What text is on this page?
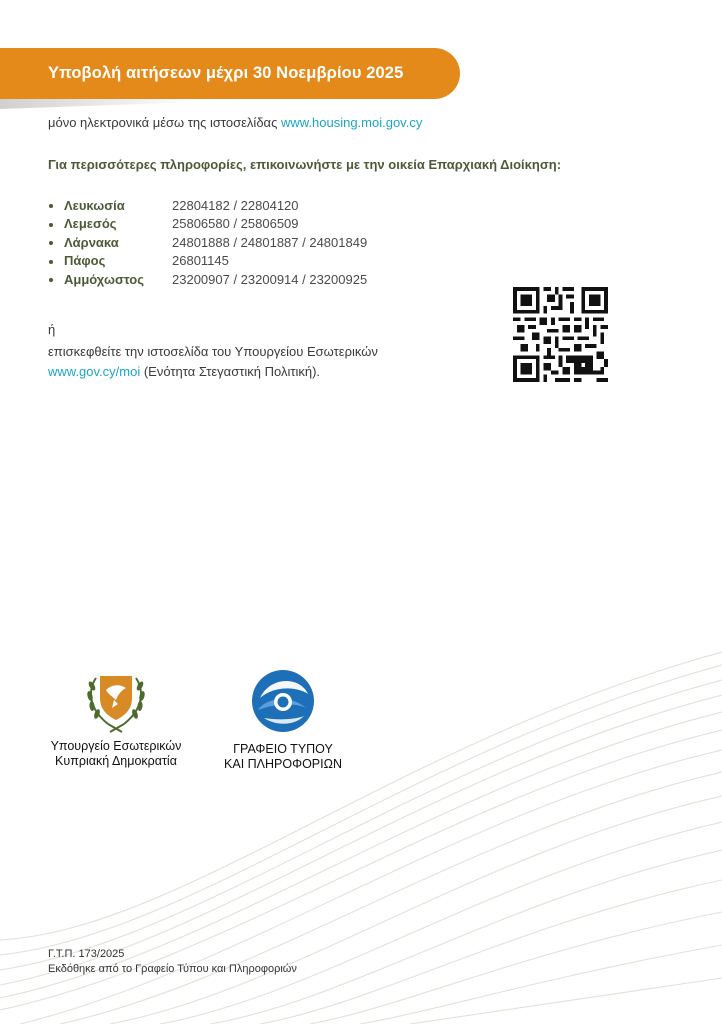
Υποβολή αιτήσεων μέχρι 30 Νοεμβρίου 2025
μόνο ηλεκτρονικά μέσω της ιστοσελίδας www.housing.moi.gov.cy
Για περισσότερες πληροφορίες, επικοινωνήστε με την οικεία Επαρχιακή Διοίκηση:
Λευκωσία	22804182 / 22804120
Λεμεσός	25806580 / 25806509
Λάρνακα	24801888 / 24801887 / 24801849
Πάφος	26801145
Αμμόχωστος	23200907 / 23200914 / 23200925
ή
επισκεφθείτε την ιστοσελίδα του Υπουργείου Εσωτερικών
www.gov.cy/moi (Ενότητα Στεγαστική Πολιτική).
Υπουργείο Εσωτερικών
Κυπριακή Δημοκρατία
ΓΡΑΦΕΙΟ ΤΥΠΟΥ
ΚΑΙ ΠΛΗΡΟΦΟΡΙΩΝ
Γ.Τ.Π. 173/2025
Εκδόθηκε από το Γραφείο Τύπου και Πληροφοριών
